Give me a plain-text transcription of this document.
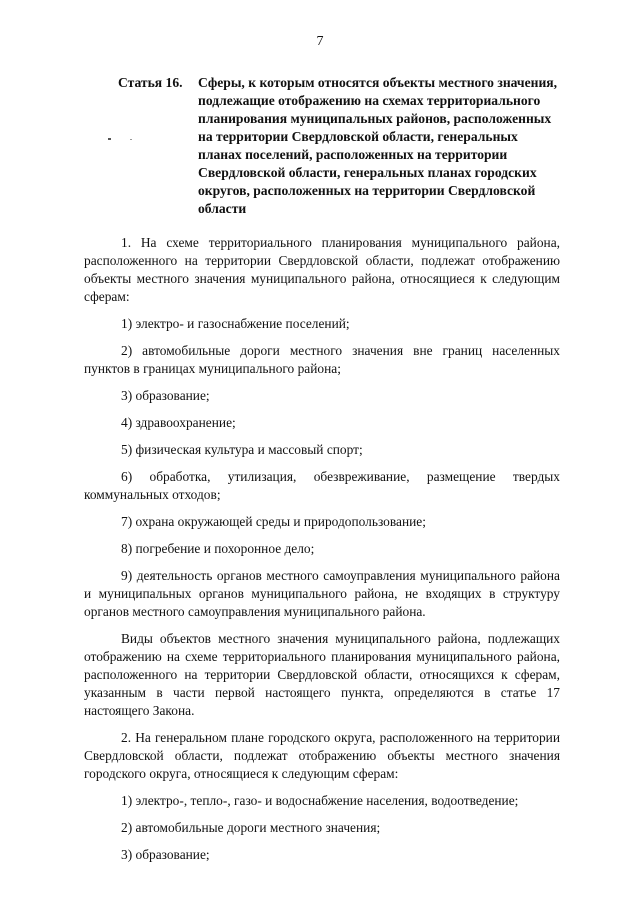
7
Статья 16. Сферы, к которым относятся объекты местного значения, подлежащие отображению на схемах территориального планирования муниципальных районов, расположенных на территории Свердловской области, генеральных планах поселений, расположенных на территории Свердловской области, генеральных планах городских округов, расположенных на территории Свердловской области

1. На схеме территориального планирования муниципального района, расположенного на территории Свердловской области, подлежат отображению объекты местного значения муниципального района, относящиеся к следующим сферам:

1) электро- и газоснабжение поселений;

2) автомобильные дороги местного значения вне границ населенных пунктов в границах муниципального района;

3) образование;

4) здравоохранение;

5) физическая культура и массовый спорт;

6) обработка, утилизация, обезвреживание, размещение твердых коммунальных отходов;

7) охрана окружающей среды и природопользование;

8) погребение и похоронное дело;

9) деятельность органов местного самоуправления муниципального района и муниципальных органов муниципального района, не входящих в структуру органов местного самоуправления муниципального района.

Виды объектов местного значения муниципального района, подлежащих отображению на схеме территориального планирования муниципального района, расположенного на территории Свердловской области, относящихся к сферам, указанным в части первой настоящего пункта, определяются в статье 17 настоящего Закона.

2. На генеральном плане городского округа, расположенного на территории Свердловской области, подлежат отображению объекты местного значения городского округа, относящиеся к следующим сферам:

1) электро-, тепло-, газо- и водоснабжение населения, водоотведение;

2) автомобильные дороги местного значения;

3) образование;
